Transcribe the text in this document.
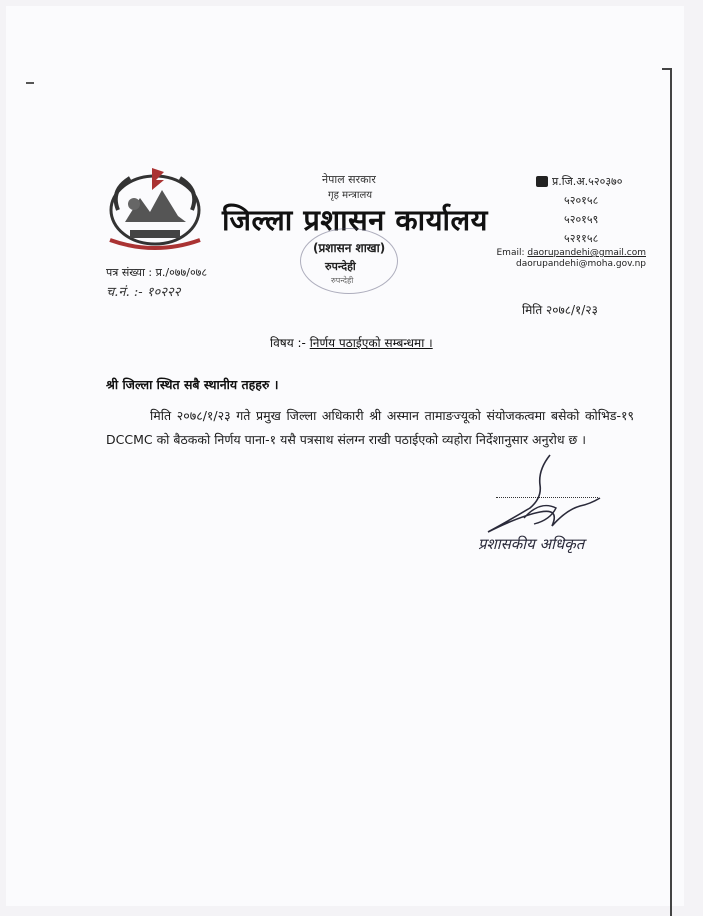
नेपाल सरकार
गृह मन्त्रालय
जिल्ला प्रशासन कार्यालय
(प्रशासन शाखा)
रुपन्देही
रुपन्देही
प्र.जि.अ.५२०३७०
५२०१५८
५२०१५९
५२११५८
Email: daorupandehi@gmail.com
daorupandehi@moha.gov.np
पत्र संख्या : प्र./०७७/०७८
च.नं. :- १०२२२
मिति २०७८/१/२३
विषय :- निर्णय पठाईएको सम्बन्धमा ।
श्री जिल्ला स्थित सबै स्थानीय तहहरु ।
मिति २०७८/१/२३ गते प्रमुख जिल्ला अधिकारी श्री अस्मान तामाङज्यूको संयोजकत्वमा बसेको कोभिड-१९ DCCMC को बैठकको निर्णय पाना-१ यसै पत्रसाथ संलग्न राखी पठाईएको व्यहोरा निर्देशानुसार अनुरोध छ ।
प्रशासकीय अधिकृत
